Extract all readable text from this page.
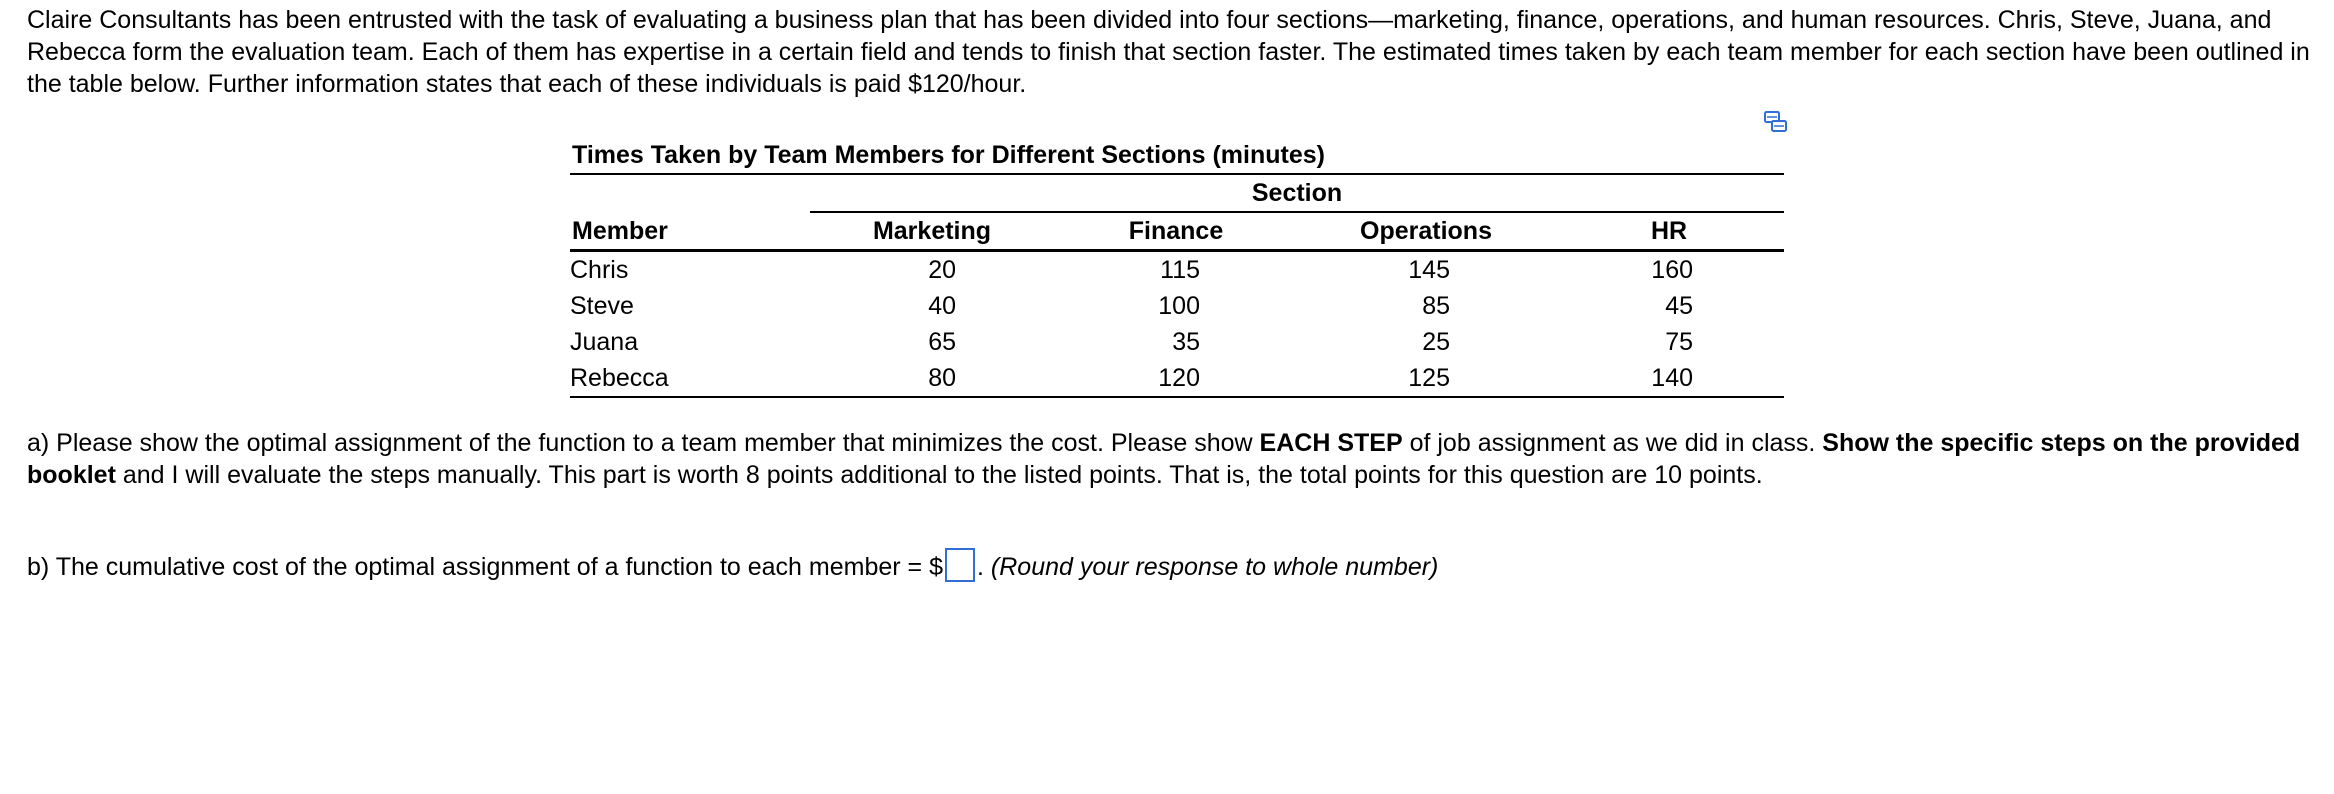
Claire Consultants has been entrusted with the task of evaluating a business plan that has been divided into four sections—marketing, finance, operations, and human resources. Chris, Steve, Juana, and Rebecca form the evaluation team. Each of them has expertise in a certain field and tends to finish that section faster. The estimated times taken by each team member for each section have been outlined in the table below. Further information states that each of these individuals is paid $120/hour.

Times Taken by Team Members for Different Sections (minutes)
	Section			
Member	Marketing	Finance	Operations	HR
Chris	20	115	145	160
Steve	40	100	85	45
Juana	65	35	25	75
Rebecca	80	120	125	140

a) Please show the optimal assignment of the function to a team member that minimizes the cost. Please show EACH STEP of job assignment as we did in class. Show the specific steps on the provided booklet and I will evaluate the steps manually. This part is worth 8 points additional to the listed points. That is, the total points for this question are 10 points.

b) The cumulative cost of the optimal assignment of a function to each member = $ . (Round your response to whole number)
